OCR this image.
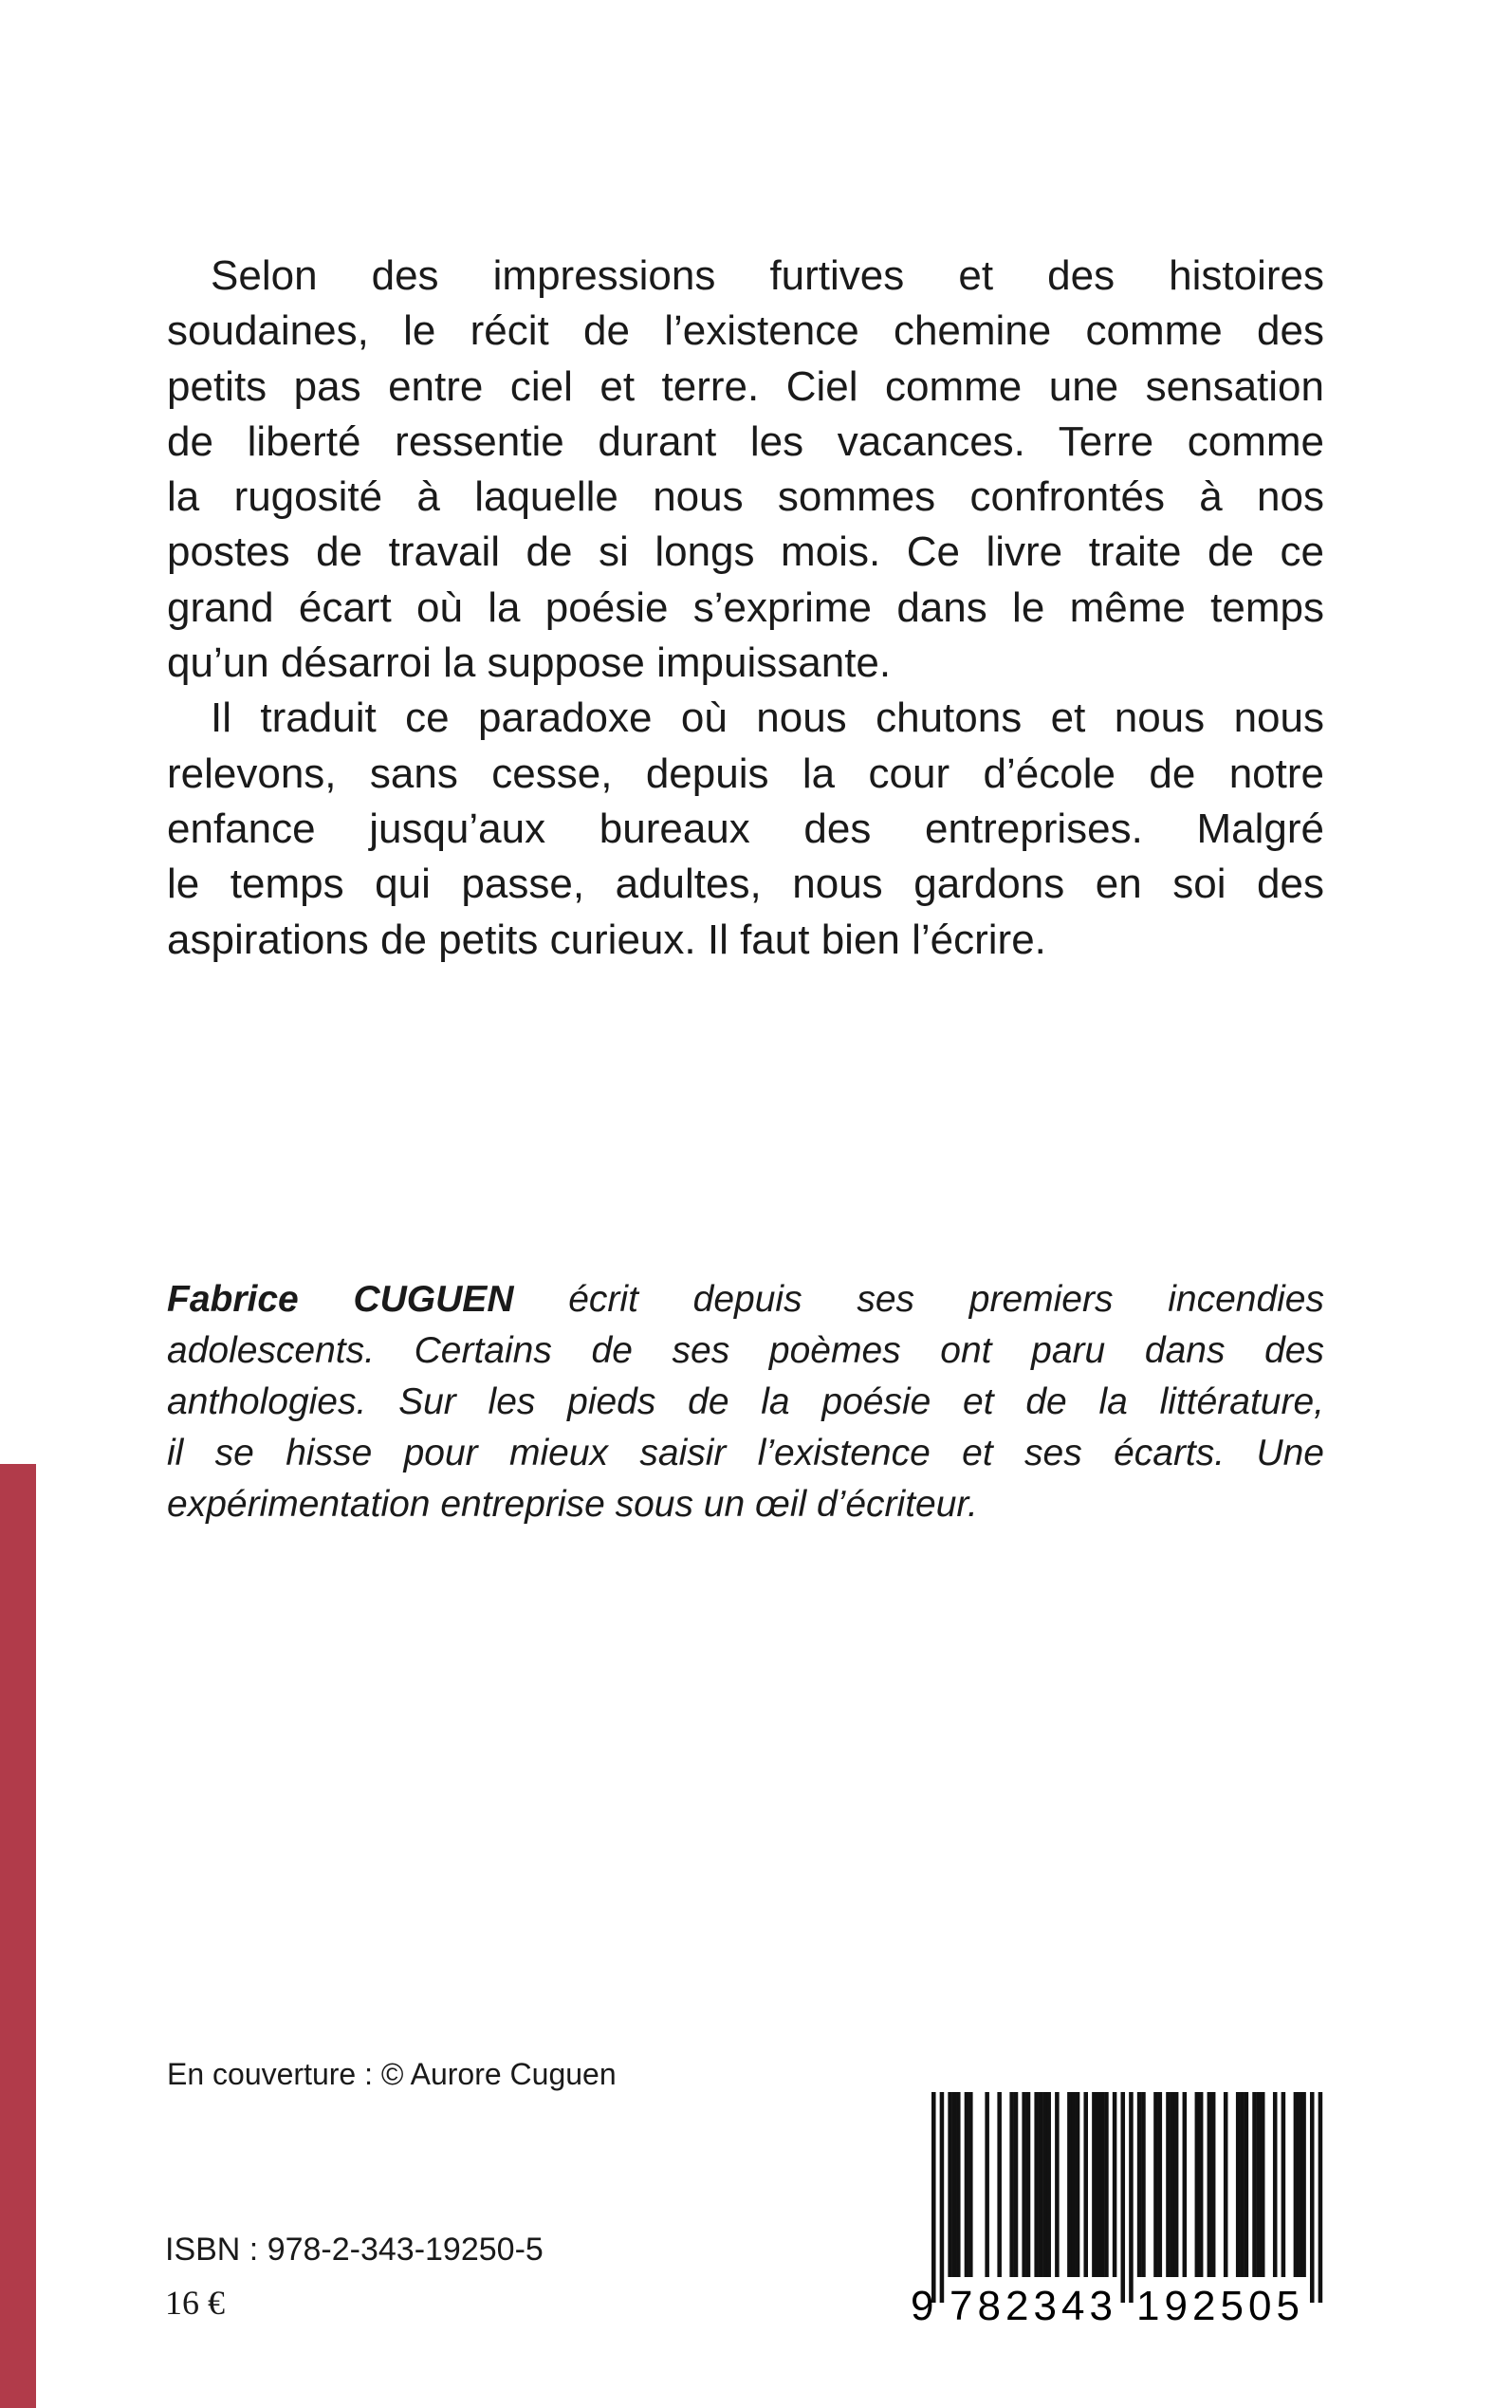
Selon des impressions furtives et des histoires
soudaines, le récit de l’existence chemine comme des
petits pas entre ciel et terre. Ciel comme une sensation
de liberté ressentie durant les vacances. Terre comme
la rugosité à laquelle nous sommes confrontés à nos
postes de travail de si longs mois. Ce livre traite de ce
grand écart où la poésie s’exprime dans le même temps
qu’un désarroi la suppose impuissante.
Il traduit ce paradoxe où nous chutons et nous nous
relevons, sans cesse, depuis la cour d’école de notre
enfance jusqu’aux bureaux des entreprises. Malgré
le temps qui passe, adultes, nous gardons en soi des
aspirations de petits curieux. Il faut bien l’écrire.
Fabrice CUGUEN écrit depuis ses premiers incendies
adolescents. Certains de ses poèmes ont paru dans des
anthologies. Sur les pieds de la poésie et de la littérature,
il se hisse pour mieux saisir l’existence et ses écarts. Une
expérimentation entreprise sous un œil d’écriteur.
En couverture : © Aurore Cuguen
ISBN : 978-2-343-19250-5
16 €	9 782343 192505
